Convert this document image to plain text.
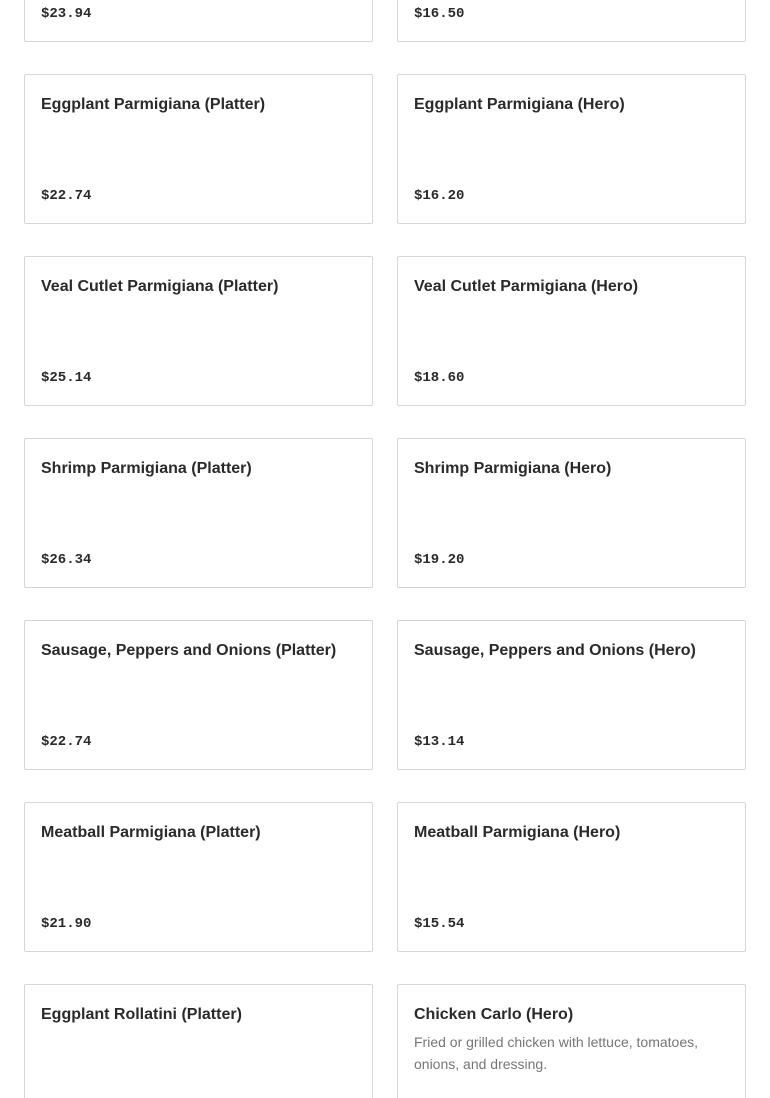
$23.94	$16.50
Eggplant Parmigiana (Platter)
$22.74
Eggplant Parmigiana (Hero)
$16.20
Veal Cutlet Parmigiana (Platter)
$25.14
Veal Cutlet Parmigiana (Hero)
$18.60
Shrimp Parmigiana (Platter)
$26.34
Shrimp Parmigiana (Hero)
$19.20
Sausage, Peppers and Onions (Platter)
$22.74
Sausage, Peppers and Onions (Hero)
$13.14
Meatball Parmigiana (Platter)
$21.90
Meatball Parmigiana (Hero)
$15.54
Eggplant Rollatini (Platter)	Chicken Carlo (Hero)
Fried or grilled chicken with lettuce, tomatoes, onions, and dressing.
